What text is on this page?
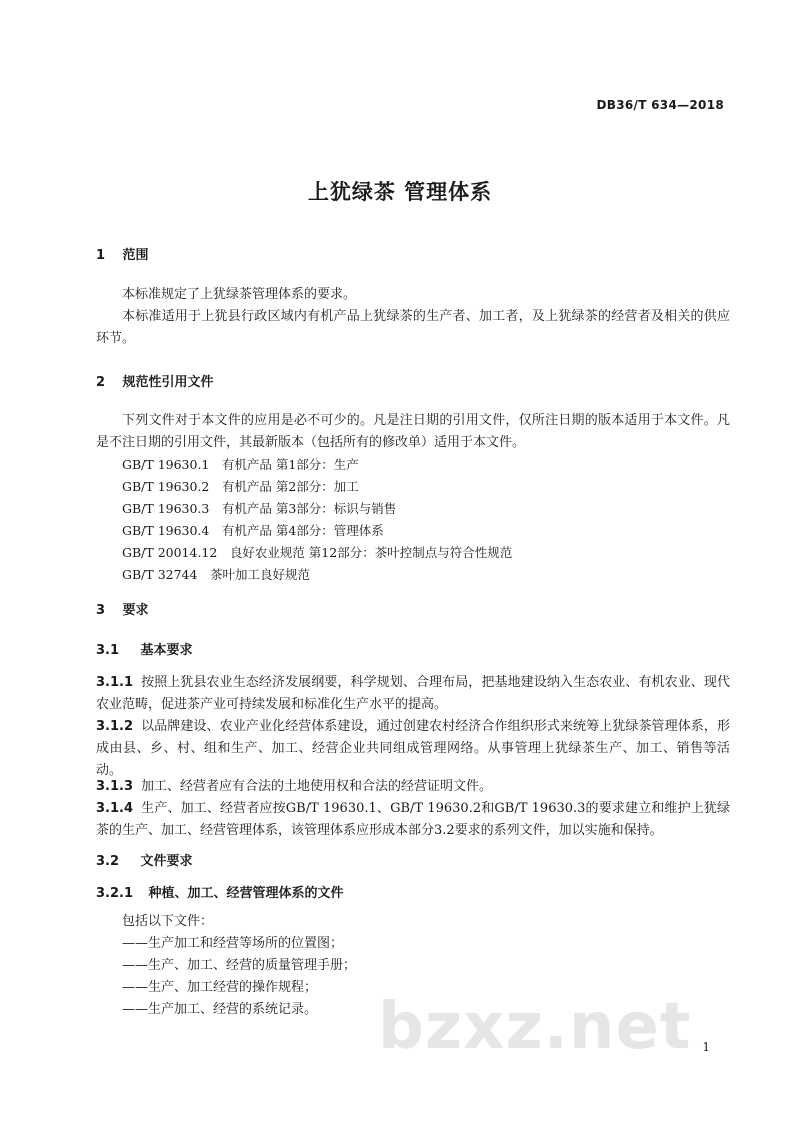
DB36/T 634—2018
上犹绿茶 管理体系
1 范围
本标准规定了上犹绿茶管理体系的要求。
本标准适用于上犹县行政区域内有机产品上犹绿茶的生产者、加工者，及上犹绿茶的经营者及相关的供应环节。
2 规范性引用文件
下列文件对于本文件的应用是必不可少的。凡是注日期的引用文件，仅所注日期的版本适用于本文件。凡是不注日期的引用文件，其最新版本（包括所有的修改单）适用于本文件。
GB/T 19630.1　有机产品 第1部分：生产
GB/T 19630.2　有机产品 第2部分：加工
GB/T 19630.3　有机产品 第3部分：标识与销售
GB/T 19630.4　有机产品 第4部分：管理体系
GB/T 20014.12　良好农业规范 第12部分：茶叶控制点与符合性规范
GB/T 32744　茶叶加工良好规范
3 要求
3.1 基本要求
3.1.1 按照上犹县农业生态经济发展纲要，科学规划、合理布局，把基地建设纳入生态农业、有机农业、现代农业范畴，促进茶产业可持续发展和标准化生产水平的提高。
3.1.2 以品牌建设、农业产业化经营体系建设，通过创建农村经济合作组织形式来统筹上犹绿茶管理体系，形成由县、乡、村、组和生产、加工、经营企业共同组成管理网络。从事管理上犹绿茶生产、加工、销售等活动。
3.1.3 加工、经营者应有合法的土地使用权和合法的经营证明文件。
3.1.4 生产、加工、经营者应按GB/T 19630.1、GB/T 19630.2和GB/T 19630.3的要求建立和维护上犹绿茶的生产、加工、经营管理体系，该管理体系应形成本部分3.2要求的系列文件，加以实施和保持。
3.2 文件要求
3.2.1 种植、加工、经营管理体系的文件
包括以下文件：
——生产加工和经营等场所的位置图；
——生产、加工、经营的质量管理手册；
——生产、加工经营的操作规程；
——生产加工、经营的系统记录。 bzxz.net 1
